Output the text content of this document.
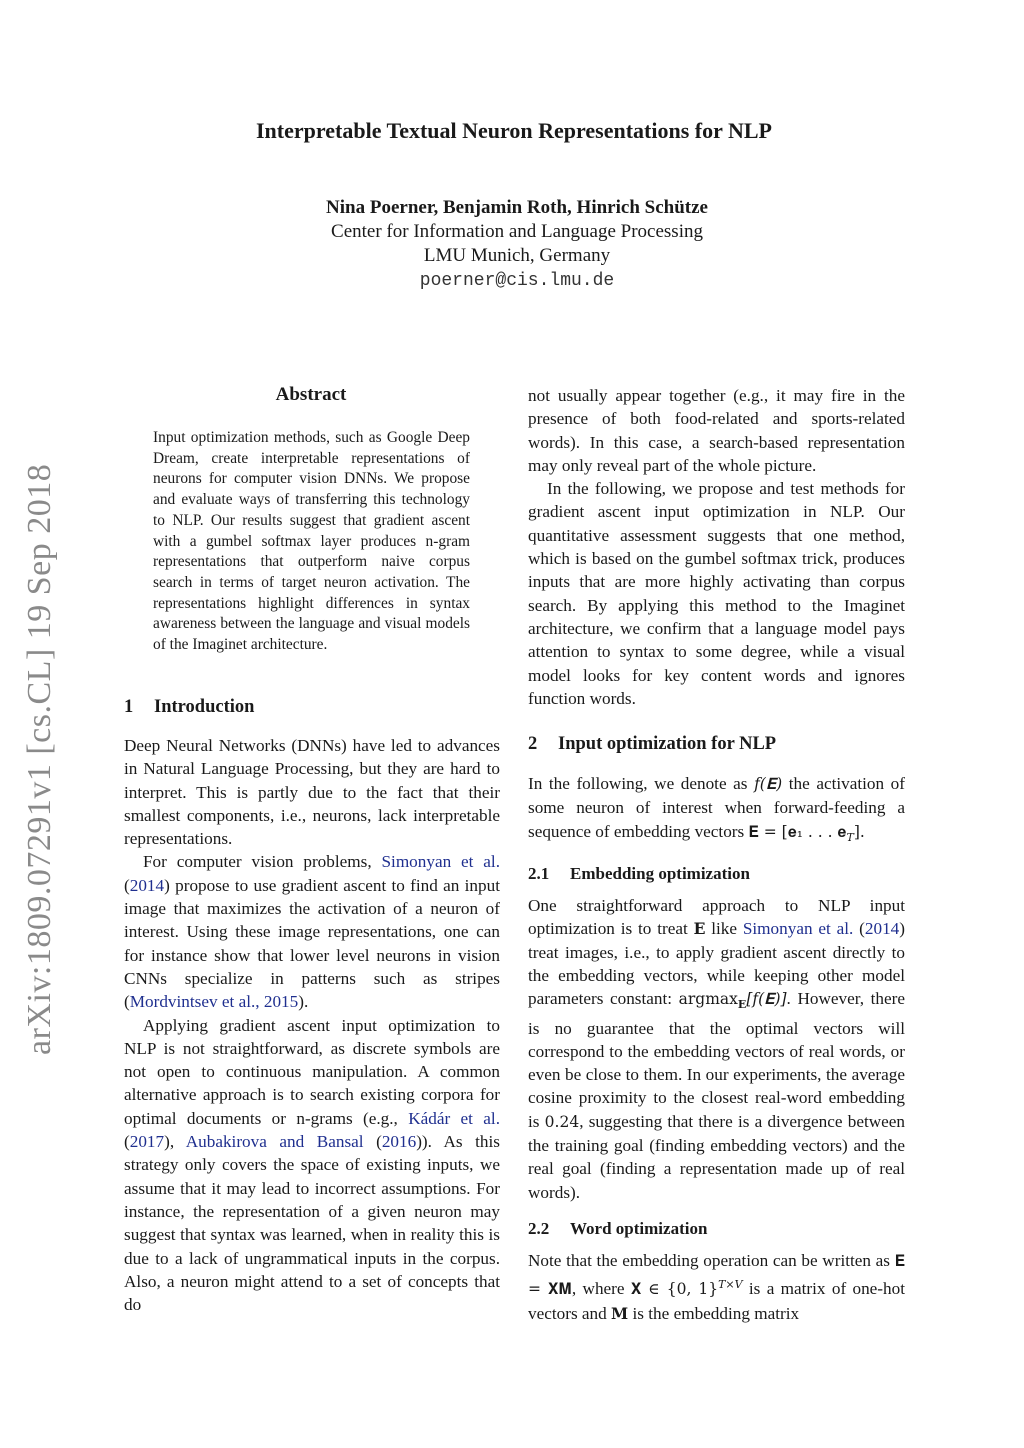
Interpretable Textual Neuron Representations for NLP
Nina Poerner, Benjamin Roth, Hinrich Schütze
Center for Information and Language Processing
LMU Munich, Germany
poerner@cis.lmu.de
arXiv:1809.07291v1 [cs.CL] 19 Sep 2018
Abstract
Input optimization methods, such as Google Deep Dream, create interpretable representations of neurons for computer vision DNNs. We propose and evaluate ways of transferring this technology to NLP. Our results suggest that gradient ascent with a gumbel softmax layer produces n-gram representations that outperform naive corpus search in terms of target neuron activation. The representations highlight differences in syntax awareness between the language and visual models of the Imaginet architecture.
1 Introduction

Deep Neural Networks (DNNs) have led to advances in Natural Language Processing, but they are hard to interpret. This is partly due to the fact that their smallest components, i.e., neurons, lack interpretable representations.

For computer vision problems, Simonyan et al. (2014) propose to use gradient ascent to find an input image that maximizes the activation of a neuron of interest. Using these image representations, one can for instance show that lower level neurons in vision CNNs specialize in patterns such as stripes (Mordvintsev et al., 2015).

Applying gradient ascent input optimization to NLP is not straightforward, as discrete symbols are not open to continuous manipulation. A common alternative approach is to search existing corpora for optimal documents or n-grams (e.g., Kádár et al. (2017), Aubakirova and Bansal (2016)). As this strategy only covers the space of existing inputs, we assume that it may lead to incorrect assumptions. For instance, the representation of a given neuron may suggest that syntax was learned, when in reality this is due to a lack of ungrammatical inputs in the corpus. Also, a neuron might attend to a set of concepts that do

not usually appear together (e.g., it may fire in the presence of both food-related and sports-related words). In this case, a search-based representation may only reveal part of the whole picture.

In the following, we propose and test methods for gradient ascent input optimization in NLP. Our quantitative assessment suggests that one method, which is based on the gumbel softmax trick, produces inputs that are more highly activating than corpus search. By applying this method to the Imaginet architecture, we confirm that a language model pays attention to syntax to some degree, while a visual model looks for key content words and ignores function words.

2 Input optimization for NLP

In the following, we denote as f(𝐄) the activation of some neuron of interest when forward-feeding a sequence of embedding vectors 𝐄 = [𝐞₁ . . . 𝐞$_T$].

2.1 Embedding optimization

One straightforward approach to NLP input optimization is to treat E like Simonyan et al. (2014) treat images, i.e., to apply gradient ascent directly to the embedding vectors, while keeping other model parameters constant: argmax$_E$[f(𝐄)]. However, there is no guarantee that the optimal vectors will correspond to the embedding vectors of real words, or even be close to them. In our experiments, the average cosine proximity to the closest real-word embedding is 0.24, suggesting that there is a divergence between the training goal (finding embedding vectors) and the real goal (finding a representation made up of real words).

2.2 Word optimization

Note that the embedding operation can be written as 𝐄 = 𝐗𝐌, where 𝐗 ∈ {0, 1}$^{T\times V}$ is a matrix of one-hot vectors and M is the embedding matrix
